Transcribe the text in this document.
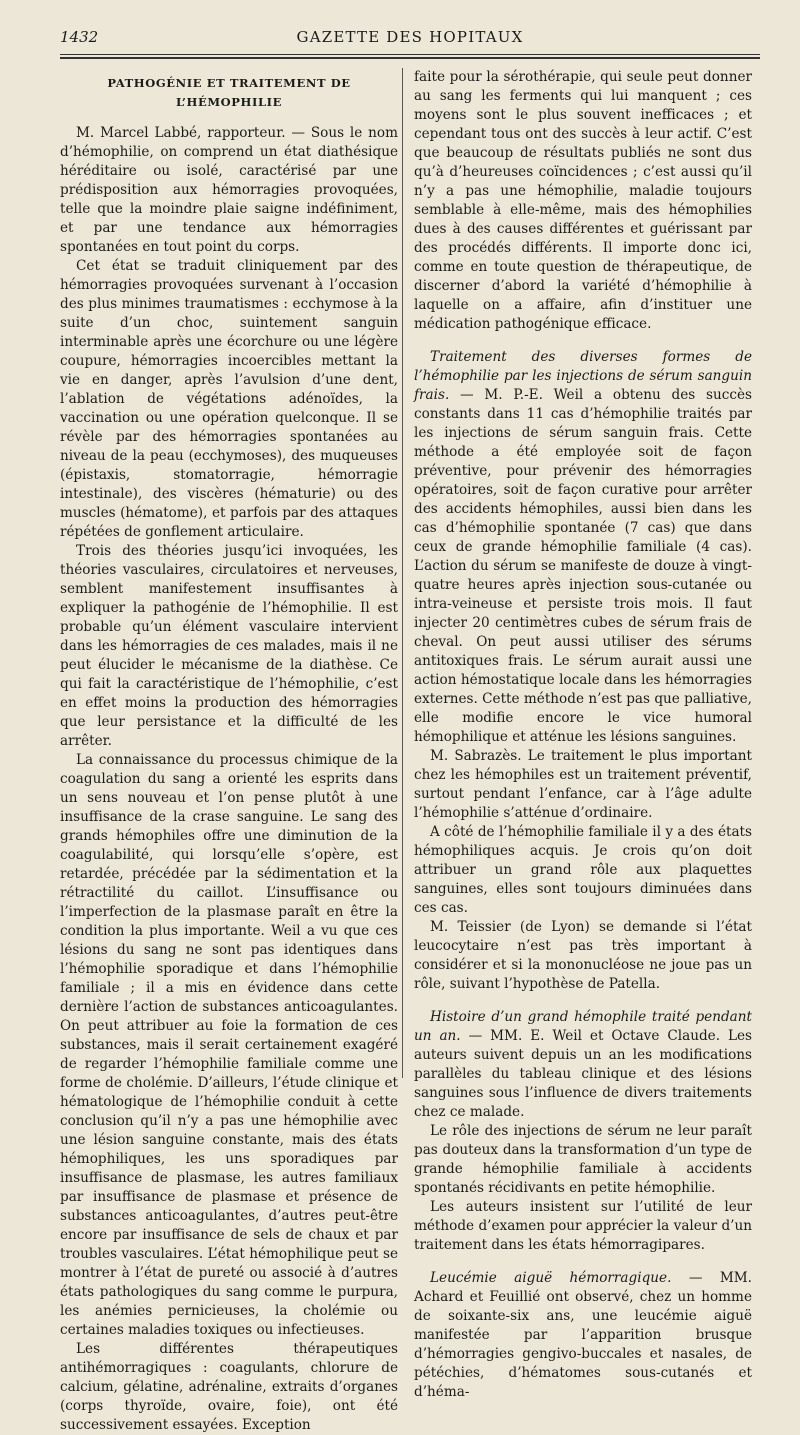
1432	GAZETTE DES HOPITAUX
PATHOGÉNIE ET TRAITEMENT DE L’HÉMOPHILIE

M. Marcel Labbé, rapporteur. — Sous le nom d’hémophilie, on comprend un état diathésique héréditaire ou isolé, caractérisé par une prédisposition aux hémorragies provoquées, telle que la moindre plaie saigne indéfiniment, et par une tendance aux hémorragies spontanées en tout point du corps.

Cet état se traduit cliniquement par des hémorragies provoquées survenant à l’occasion des plus minimes traumatismes : ecchymose à la suite d’un choc, suintement sanguin interminable après une écorchure ou une légère coupure, hémorragies incoercibles mettant la vie en danger, après l’avulsion d’une dent, l’ablation de végétations adénoïdes, la vaccination ou une opération quelconque. Il se révèle par des hémorragies spontanées au niveau de la peau (ecchymoses), des muqueuses (épistaxis, stomatorragie, hémorragie intestinale), des viscères (hématurie) ou des muscles (hématome), et parfois par des attaques répétées de gonflement articulaire.

Trois des théories jusqu’ici invoquées, les théories vasculaires, circulatoires et nerveuses, semblent manifestement insuffisantes à expliquer la pathogénie de l’hémophilie. Il est probable qu’un élément vasculaire intervient dans les hémorragies de ces malades, mais il ne peut élucider le mécanisme de la diathèse. Ce qui fait la caractéristique de l’hémophilie, c’est en effet moins la production des hémorragies que leur persistance et la difficulté de les arrêter.

La connaissance du processus chimique de la coagulation du sang a orienté les esprits dans un sens nouveau et l’on pense plutôt à une insuffisance de la crase sanguine. Le sang des grands hémophiles offre une diminution de la coagulabilité, qui lorsqu’elle s’opère, est retardée, précédée par la sédimentation et la rétractilité du caillot. L’insuffisance ou l’imperfection de la plasmase paraît en être la condition la plus importante. Weil a vu que ces lésions du sang ne sont pas identiques dans l’hémophilie sporadique et dans l’hémophilie familiale ; il a mis en évidence dans cette dernière l’action de substances anticoagulantes. On peut attribuer au foie la formation de ces substances, mais il serait certainement exagéré de regarder l’hémophilie familiale comme une forme de cholémie. D’ailleurs, l’étude clinique et hématologique de l’hémophilie conduit à cette conclusion qu’il n’y a pas une hémophilie avec une lésion sanguine constante, mais des états hémophiliques, les uns sporadiques par insuffisance de plasmase, les autres familiaux par insuffisance de plasmase et présence de substances anticoagulantes, d’autres peut-être encore par insuffisance de sels de chaux et par troubles vasculaires. L’état hémophilique peut se montrer à l’état de pureté ou associé à d’autres états pathologiques du sang comme le purpura, les anémies pernicieuses, la cholémie ou certaines maladies toxiques ou infectieuses.

Les différentes thérapeutiques antihémorragiques : coagulants, chlorure de calcium, gélatine, adrénaline, extraits d’organes (corps thyroïde, ovaire, foie), ont été successivement essayées. Exception

faite pour la sérothérapie, qui seule peut donner au sang les ferments qui lui manquent ; ces moyens sont le plus souvent inefficaces ; et cependant tous ont des succès à leur actif. C’est que beaucoup de résultats publiés ne sont dus qu’à d’heureuses coïncidences ; c’est aussi qu’il n’y a pas une hémophilie, maladie toujours semblable à elle-même, mais des hémophilies dues à des causes différentes et guérissant par des procédés différents. Il importe donc ici, comme en toute question de thérapeutique, de discerner d’abord la variété d’hémophilie à laquelle on a affaire, afin d’instituer une médication pathogénique efficace.

Traitement des diverses formes de l’hémophilie par les injections de sérum sanguin frais. — M. P.-E. Weil a obtenu des succès constants dans 11 cas d’hémophilie traités par les injections de sérum sanguin frais. Cette méthode a été employée soit de façon préventive, pour prévenir des hémorragies opératoires, soit de façon curative pour arrêter des accidents hémophiles, aussi bien dans les cas d’hémophilie spontanée (7 cas) que dans ceux de grande hémophilie familiale (4 cas). L’action du sérum se manifeste de douze à vingt-quatre heures après injection sous-cutanée ou intra-veineuse et persiste trois mois. Il faut injecter 20 centimètres cubes de sérum frais de cheval. On peut aussi utiliser des sérums antitoxiques frais. Le sérum aurait aussi une action hémostatique locale dans les hémorragies externes. Cette méthode n’est pas que palliative, elle modifie encore le vice humoral hémophilique et atténue les lésions sanguines.

M. Sabrazès. Le traitement le plus important chez les hémophiles est un traitement préventif, surtout pendant l’enfance, car à l’âge adulte l’hémophilie s’atténue d’ordinaire.

A côté de l’hémophilie familiale il y a des états hémophiliques acquis. Je crois qu’on doit attribuer un grand rôle aux plaquettes sanguines, elles sont toujours diminuées dans ces cas.

M. Teissier (de Lyon) se demande si l’état leucocytaire n’est pas très important à considérer et si la mononucléose ne joue pas un rôle, suivant l’hypothèse de Patella.

Histoire d’un grand hémophile traité pendant un an. — MM. E. Weil et Octave Claude. Les auteurs suivent depuis un an les modifications parallèles du tableau clinique et des lésions sanguines sous l’influence de divers traitements chez ce malade.

Le rôle des injections de sérum ne leur paraît pas douteux dans la transformation d’un type de grande hémophilie familiale à accidents spontanés récidivants en petite hémophilie.

Les auteurs insistent sur l’utilité de leur méthode d’examen pour apprécier la valeur d’un traitement dans les états hémorragipares.

Leucémie aiguë hémorragique. — MM. Achard et Feuillié ont observé, chez un homme de soixante-six ans, une leucémie aiguë manifestée par l’apparition brusque d’hémorragies gengivo-buccales et nasales, de pétéchies, d’hématomes sous-cutanés et d’héma-
